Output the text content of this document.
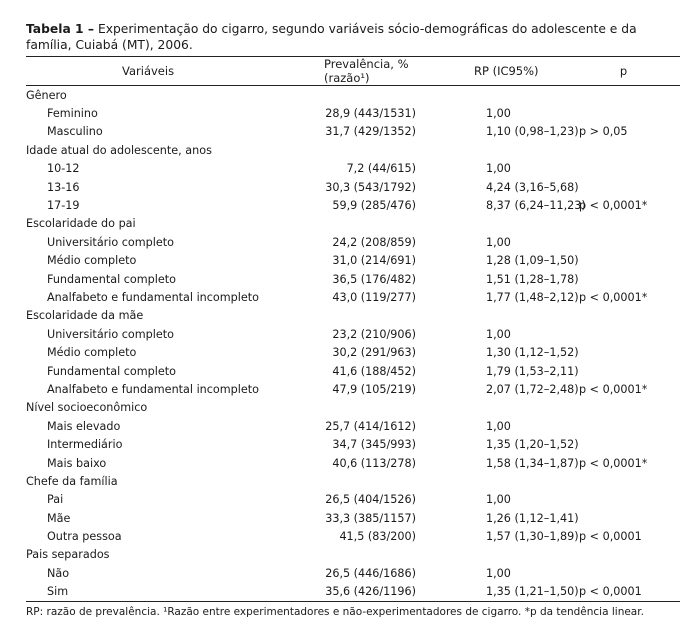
Tabela 1 – Experimentação do cigarro, segundo variáveis sócio-demográficas do adolescente e da família, Cuiabá (MT), 2006.

Variáveis	Prevalência, % (razão¹)	RP (IC95%)	p
Gênero			
Feminino	28,9 (443/1531)	1,00	
Masculino	31,7 (429/1352)	1,10 (0,98–1,23)	p > 0,05
Idade atual do adolescente, anos			
10-12	7,2 (44/615)	1,00	
13-16	30,3 (543/1792)	4,24 (3,16–5,68)	
17-19	59,9 (285/476)	8,37 (6,24–11,23)	p < 0,0001*
Escolaridade do pai			
Universitário completo	24,2 (208/859)	1,00	
Médio completo	31,0 (214/691)	1,28 (1,09–1,50)	
Fundamental completo	36,5 (176/482)	1,51 (1,28–1,78)	
Analfabeto e fundamental incompleto	43,0 (119/277)	1,77 (1,48–2,12)	p < 0,0001*
Escolaridade da mãe			
Universitário completo	23,2 (210/906)	1,00	
Médio completo	30,2 (291/963)	1,30 (1,12–1,52)	
Fundamental completo	41,6 (188/452)	1,79 (1,53–2,11)	
Analfabeto e fundamental incompleto	47,9 (105/219)	2,07 (1,72–2,48)	p < 0,0001*
Nível socioeconômico			
Mais elevado	25,7 (414/1612)	1,00	
Intermediário	34,7 (345/993)	1,35 (1,20–1,52)	
Mais baixo	40,6 (113/278)	1,58 (1,34–1,87)	p < 0,0001*
Chefe da família			
Pai	26,5 (404/1526)	1,00	
Mãe	33,3 (385/1157)	1,26 (1,12–1,41)	
Outra pessoa	41,5 (83/200)	1,57 (1,30–1,89)	p < 0,0001
Pais separados			
Não	26,5 (446/1686)	1,00	
Sim	35,6 (426/1196)	1,35 (1,21–1,50)	p < 0,0001
RP: razão de prevalência. ¹Razão entre experimentadores e não-experimentadores de cigarro. *p da tendência linear.
